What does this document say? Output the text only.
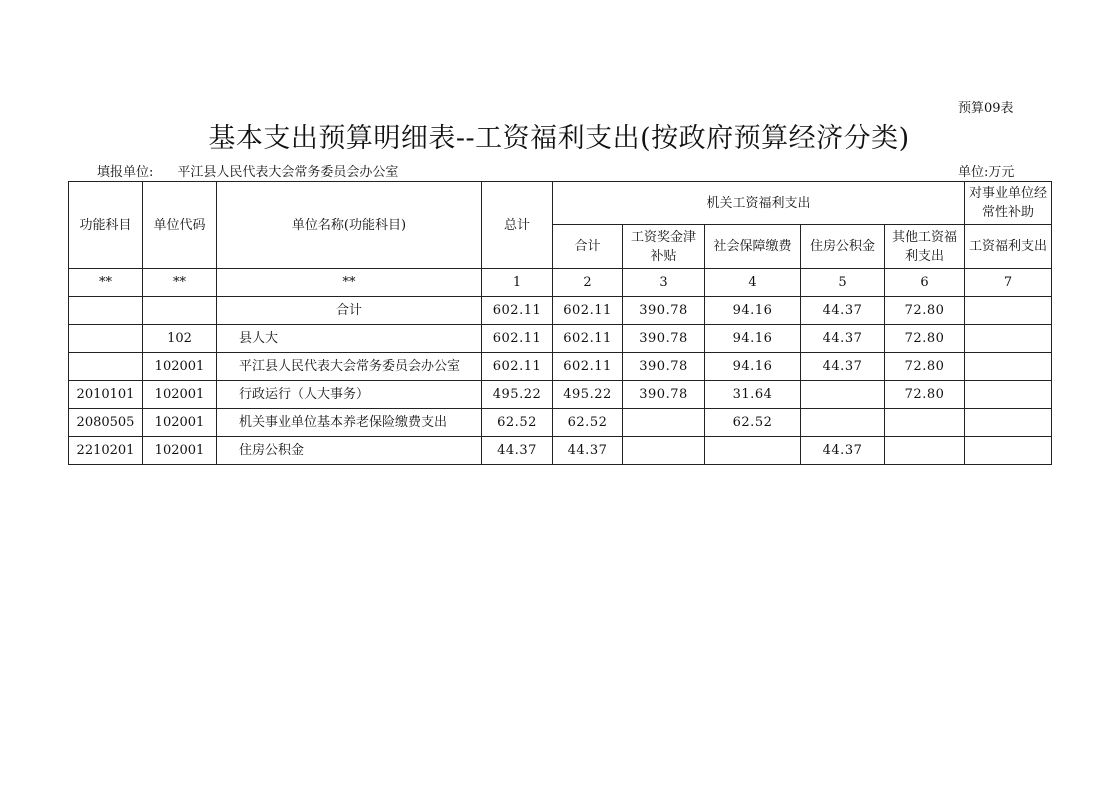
预算09表
基本支出预算明细表--工资福利支出(按政府预算经济分类)
填报单位: 平江县人民代表大会常务委员会办公室	单位:万元
功能科目	单位代码	单位名称(功能科目)	总计	机关工资福利支出					对事业单位经常性补助
				合计	工资奖金津补贴	社会保障缴费	住房公积金	其他工资福利支出	工资福利支出
**	**	**	1	2	3	4	5	6	7
		合计	602.11	602.11	390.78	94.16	44.37	72.80	
	102	县人大	602.11	602.11	390.78	94.16	44.37	72.80	
	102001	平江县人民代表大会常务委员会办公室	602.11	602.11	390.78	94.16	44.37	72.80	
2010101	102001	行政运行（人大事务）	495.22	495.22	390.78	31.64		72.80	
2080505	102001	机关事业单位基本养老保险缴费支出	62.52	62.52		62.52			
2210201	102001	住房公积金	44.37	44.37			44.37		
